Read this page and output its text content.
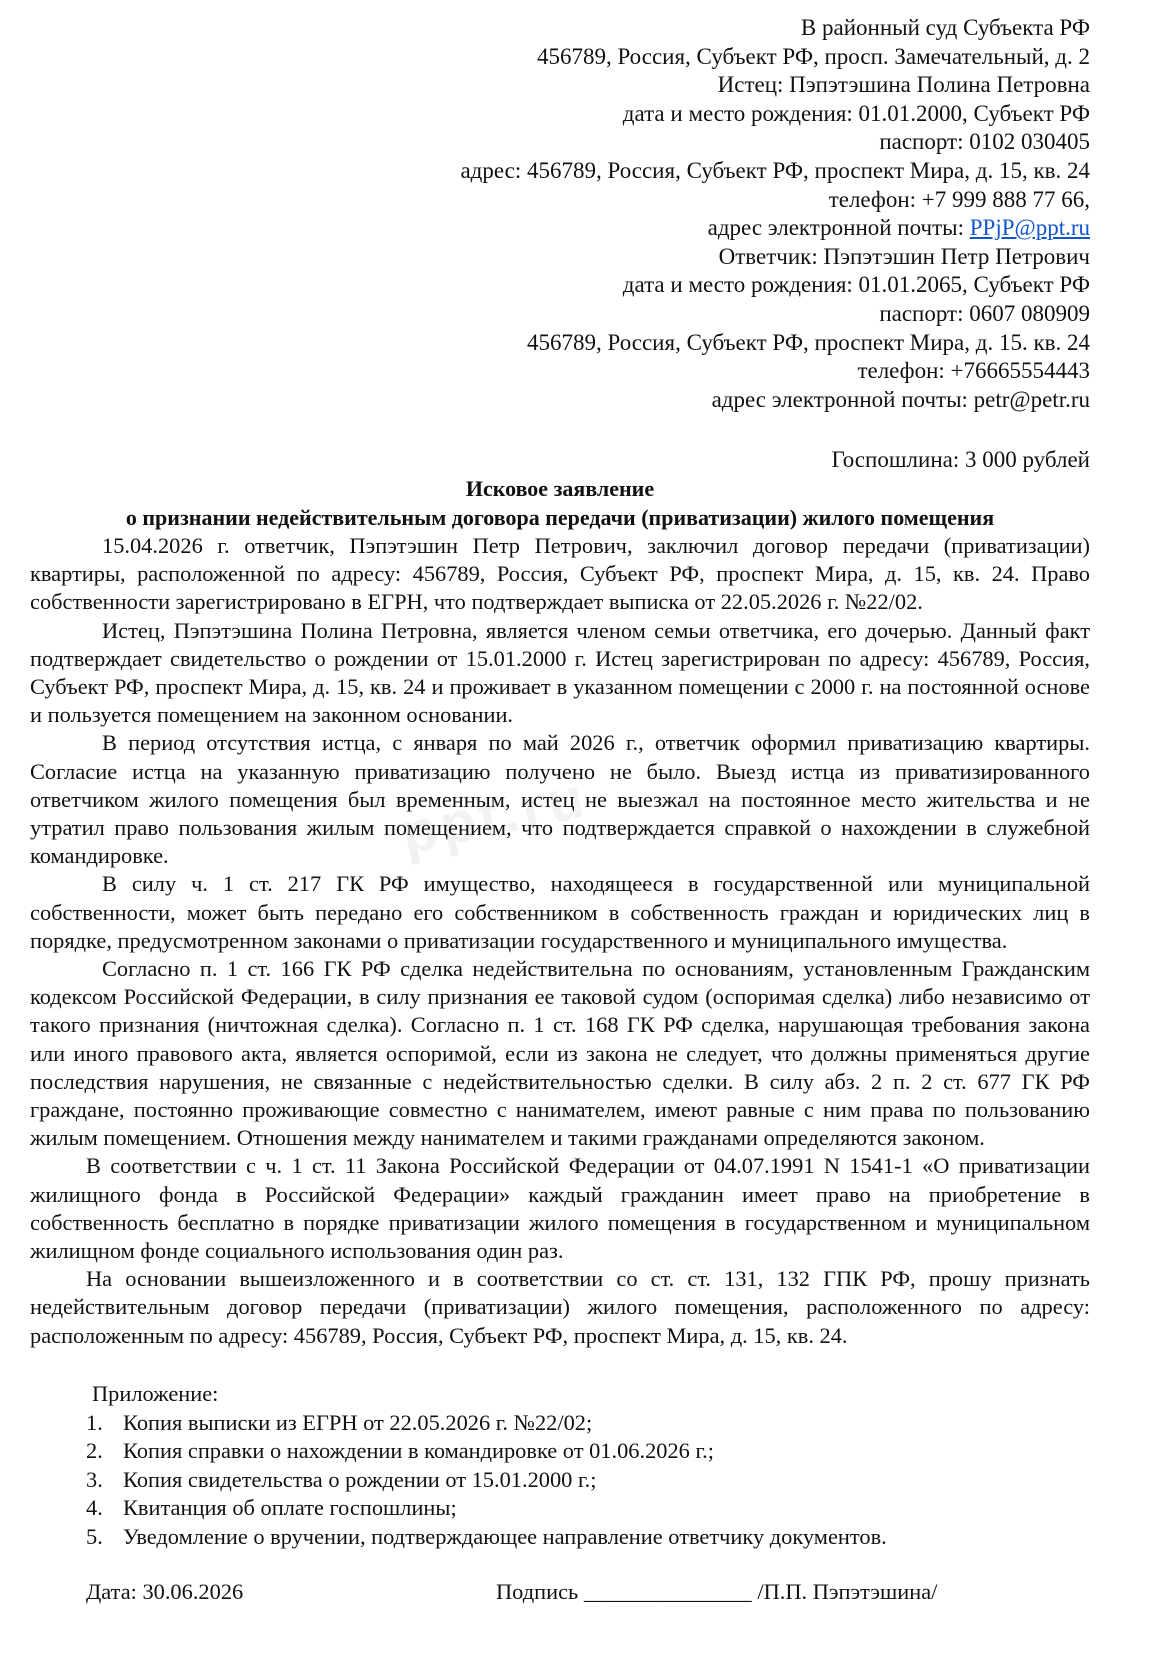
ppt.ru
В районный суд Субъекта РФ
456789, Россия, Субъект РФ, просп. Замечательный, д. 2
Истец: Пэпэтэшина Полина Петровна
дата и место рождения: 01.01.2000, Субъект РФ
паспорт: 0102 030405
адрес: 456789, Россия, Субъект РФ, проспект Мира, д. 15, кв. 24
телефон: +7 999 888 77 66,
адрес электронной почты: PPjP@ppt.ru
Ответчик: Пэпэтэшин Петр Петрович
дата и место рождения: 01.01.2065, Субъект РФ
паспорт: 0607 080909
456789, Россия, Субъект РФ, проспект Мира, д. 15. кв. 24
телефон: +76665554443
адрес электронной почты: petr@petr.ru
Госпошлина: 3 000 рублей
Исковое заявление
о признании недействительным договора передачи (приватизации) жилого помещения

15.04.2026 г. ответчик, Пэпэтэшин Петр Петрович, заключил договор передачи (приватизации) квартиры, расположенной по адресу: 456789, Россия, Субъект РФ, проспект Мира, д. 15, кв. 24. Право собственности зарегистрировано в ЕГРН, что подтверждает выписка от 22.05.2026 г. №22/02.

Истец, Пэпэтэшина Полина Петровна, является членом семьи ответчика, его дочерью. Данный факт подтверждает свидетельство о рождении от 15.01.2000 г. Истец зарегистрирован по адресу: 456789, Россия, Субъект РФ, проспект Мира, д. 15, кв. 24 и проживает в указанном помещении с 2000 г. на постоянной основе и пользуется помещением на законном основании.

В период отсутствия истца, с января по май 2026 г., ответчик оформил приватизацию квартиры. Согласие истца на указанную приватизацию получено не было. Выезд истца из приватизированного ответчиком жилого помещения был временным, истец не выезжал на постоянное место жительства и не утратил право пользования жилым помещением, что подтверждается справкой о нахождении в служебной командировке.

В силу ч. 1 ст. 217 ГК РФ имущество, находящееся в государственной или муниципальной собственности, может быть передано его собственником в собственность граждан и юридических лиц в порядке, предусмотренном законами о приватизации государственного и муниципального имущества.

Согласно п. 1 ст. 166 ГК РФ сделка недействительна по основаниям, установленным Гражданским кодексом Российской Федерации, в силу признания ее таковой судом (оспоримая сделка) либо независимо от такого признания (ничтожная сделка). Согласно п. 1 ст. 168 ГК РФ сделка, нарушающая требования закона или иного правового акта, является оспоримой, если из закона не следует, что должны применяться другие последствия нарушения, не связанные с недействительностью сделки. В силу абз. 2 п. 2 ст. 677 ГК РФ граждане, постоянно проживающие совместно с нанимателем, имеют равные с ним права по пользованию жилым помещением. Отношения между нанимателем и такими гражданами определяются законом.

В соответствии с ч. 1 ст. 11 Закона Российской Федерации от 04.07.1991 N 1541-1 «О приватизации жилищного фонда в Российской Федерации» каждый гражданин имеет право на приобретение в собственность бесплатно в порядке приватизации жилого помещения в государственном и муниципальном жилищном фонде социального использования один раз.

На основании вышеизложенного и в соответствии со ст. ст. 131, 132 ГПК РФ, прошу признать недействительным договор передачи (приватизации) жилого помещения, расположенного по адресу: расположенным по адресу: 456789, Россия, Субъект РФ, проспект Мира, д. 15, кв. 24.

Приложение:
1. Копия выписки из ЕГРН от 22.05.2026 г. №22/02;
2. Копия справки о нахождении в командировке от 01.06.2026 г.;
3. Копия свидетельства о рождении от 15.01.2000 г.;
4. Квитанция об оплате госпошлины;
5. Уведомление о вручении, подтверждающее направление ответчику документов.
Дата: 30.06.2026	Подпись _______________ /П.П. Пэпэтэшина/
